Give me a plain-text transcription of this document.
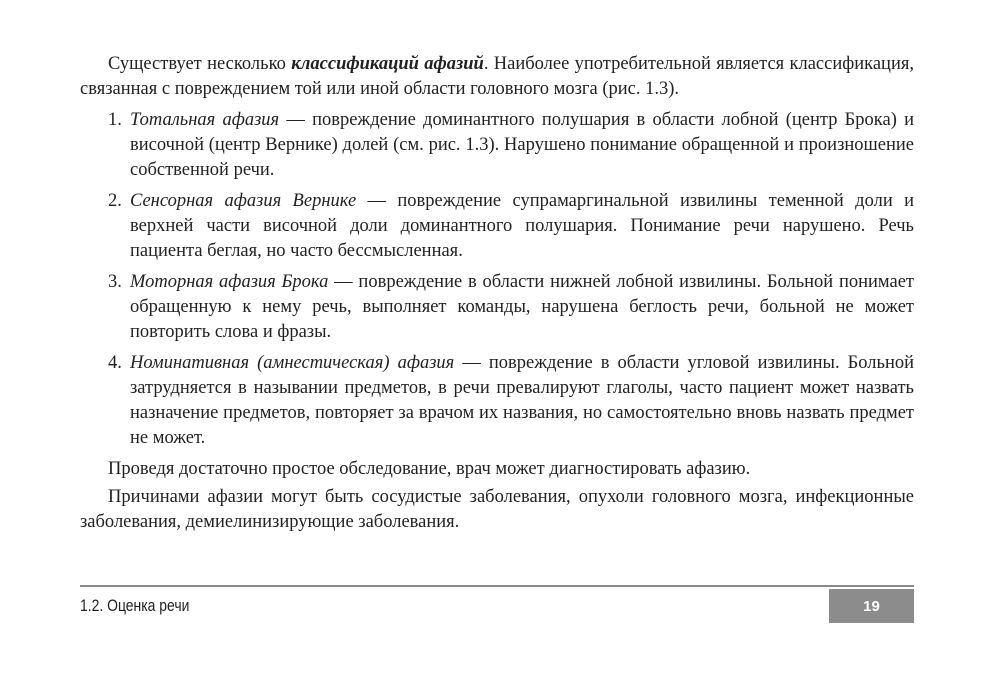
Существует несколько классификаций афазий. Наиболее употребительной является классификация, связанная с повреждением той или иной области головного мозга (рис. 1.3).

1. Тотальная афазия — повреждение доминантного полушария в области лобной (центр Брока) и височной (центр Вернике) долей (см. рис. 1.3). Нарушено понимание обращенной и произношение собственной речи.
2. Сенсорная афазия Вернике — повреждение супрамаргинальной извилины теменной доли и верхней части височной доли доминантного полушария. Понимание речи нарушено. Речь пациента беглая, но часто бессмысленная.
3. Моторная афазия Брока — повреждение в области нижней лобной извилины. Больной понимает обращенную к нему речь, выполняет команды, нарушена беглость речи, больной не может повторить слова и фразы.
4. Номинативная (амнестическая) афазия — повреждение в области угловой извилины. Больной затрудняется в назывании предметов, в речи превалируют глаголы, часто пациент может назвать назначение предметов, повторяет за врачом их названия, но самостоятельно вновь назвать предмет не может.

Проведя достаточно простое обследование, врач может диагностировать афазию.

Причинами афазии могут быть сосудистые заболевания, опухоли головного мозга, инфекционные заболевания, демиелинизирующие заболевания.

1.2. Оценка речи	19
